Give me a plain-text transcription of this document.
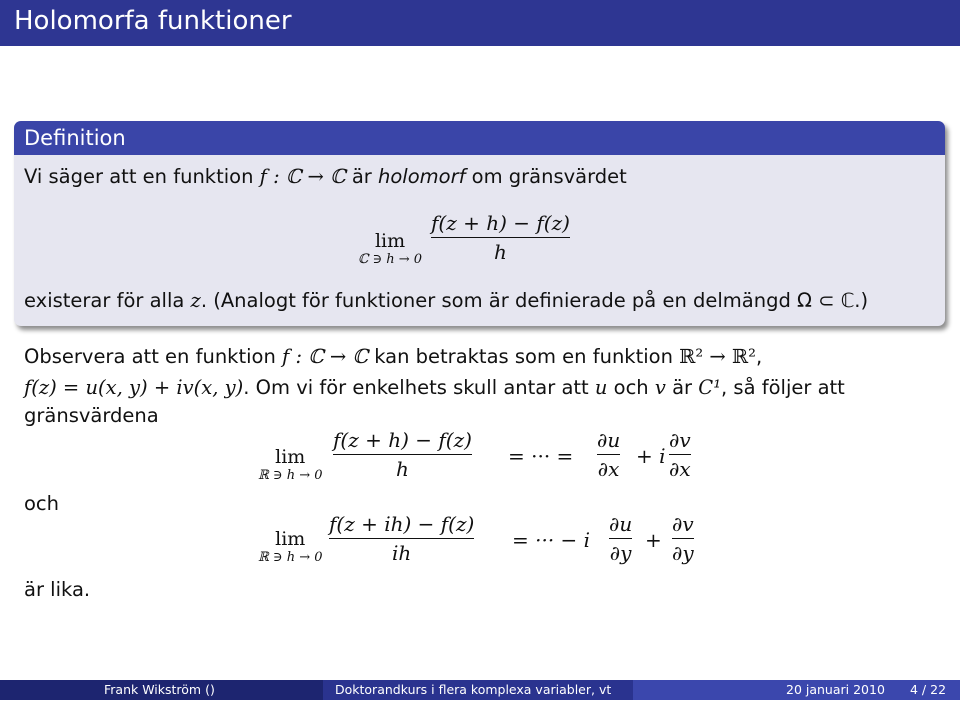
Holomorfa funktioner
Definition
Vi säger att en funktion f : ℂ → ℂ är holomorf om gränsvärdet
lim
ℂ ∋ h → 0
f(z + h) − f(z)
h
existerar för alla z. (Analogt för funktioner som är definierade på en delmängd Ω ⊂ ℂ.)
Observera att en funktion f : ℂ → ℂ kan betraktas som en funktion ℝ² → ℝ²,
f(z) = u(x, y) + iv(x, y). Om vi för enkelhets skull antar att u och v är C¹, så följer att
gränsvärdena
lim
ℝ ∋ h → 0
f(z + h) − f(z)
h
= ··· =
∂u
∂x
+ i
∂v
∂x
och
lim
ℝ ∋ h → 0
f(z + ih) − f(z)
ih
= ··· − i
∂u
∂y
+
∂v
∂y
är lika.
Frank Wikström ()	Doktorandkurs i flera komplexa variabler, vt 2010
20 januari 2010 4 / 22
